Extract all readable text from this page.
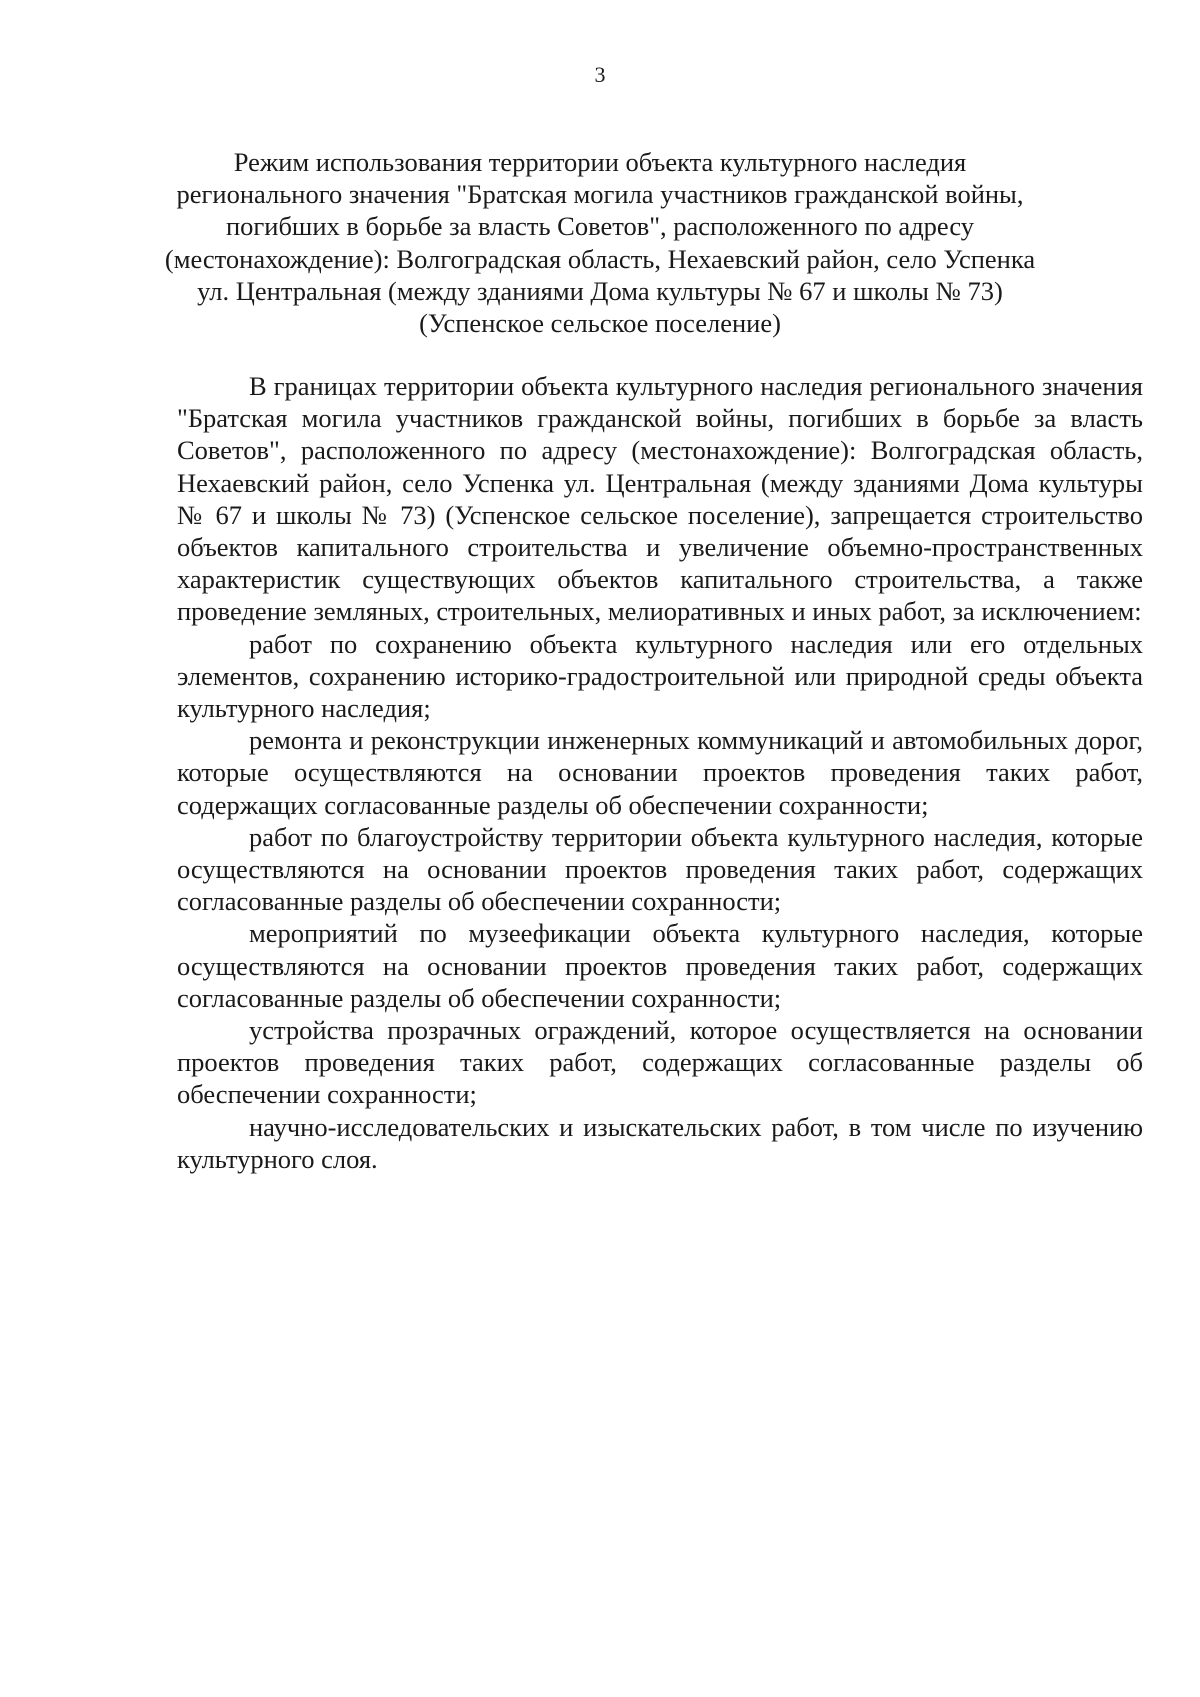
3
Режим использования территории объекта культурного наследия регионального значения "Братская могила участников гражданской войны, погибших в борьбе за власть Советов", расположенного по адресу (местонахождение): Волгоградская область, Нехаевский район, село Успенка ул. Центральная (между зданиями Дома культуры № 67 и школы № 73) (Успенское сельское поселение)

В границах территории объекта культурного наследия регионального значения "Братская могила участников гражданской войны, погибших в борьбе за власть Советов", расположенного по адресу (местонахождение): Волгоградская область, Нехаевский район, село Успенка ул. Центральная (между зданиями Дома культуры № 67 и школы № 73) (Успенское сельское поселение), запрещается строительство объектов капитального строительства и увеличение объемно-пространственных характеристик существующих объектов капитального строительства, а также проведение земляных, строительных, мелиоративных и иных работ, за исключением:

работ по сохранению объекта культурного наследия или его отдельных элементов, сохранению историко-градостроительной или природной среды объекта культурного наследия;

ремонта и реконструкции инженерных коммуникаций и автомобильных дорог, которые осуществляются на основании проектов проведения таких работ, содержащих согласованные разделы об обеспечении сохранности;

работ по благоустройству территории объекта культурного наследия, которые осуществляются на основании проектов проведения таких работ, содержащих согласованные разделы об обеспечении сохранности;

мероприятий по музеефикации объекта культурного наследия, которые осуществляются на основании проектов проведения таких работ, содержащих согласованные разделы об обеспечении сохранности;

устройства прозрачных ограждений, которое осуществляется на основании проектов проведения таких работ, содержащих согласованные разделы об обеспечении сохранности;

научно-исследовательских и изыскательских работ, в том числе по изучению культурного слоя.
